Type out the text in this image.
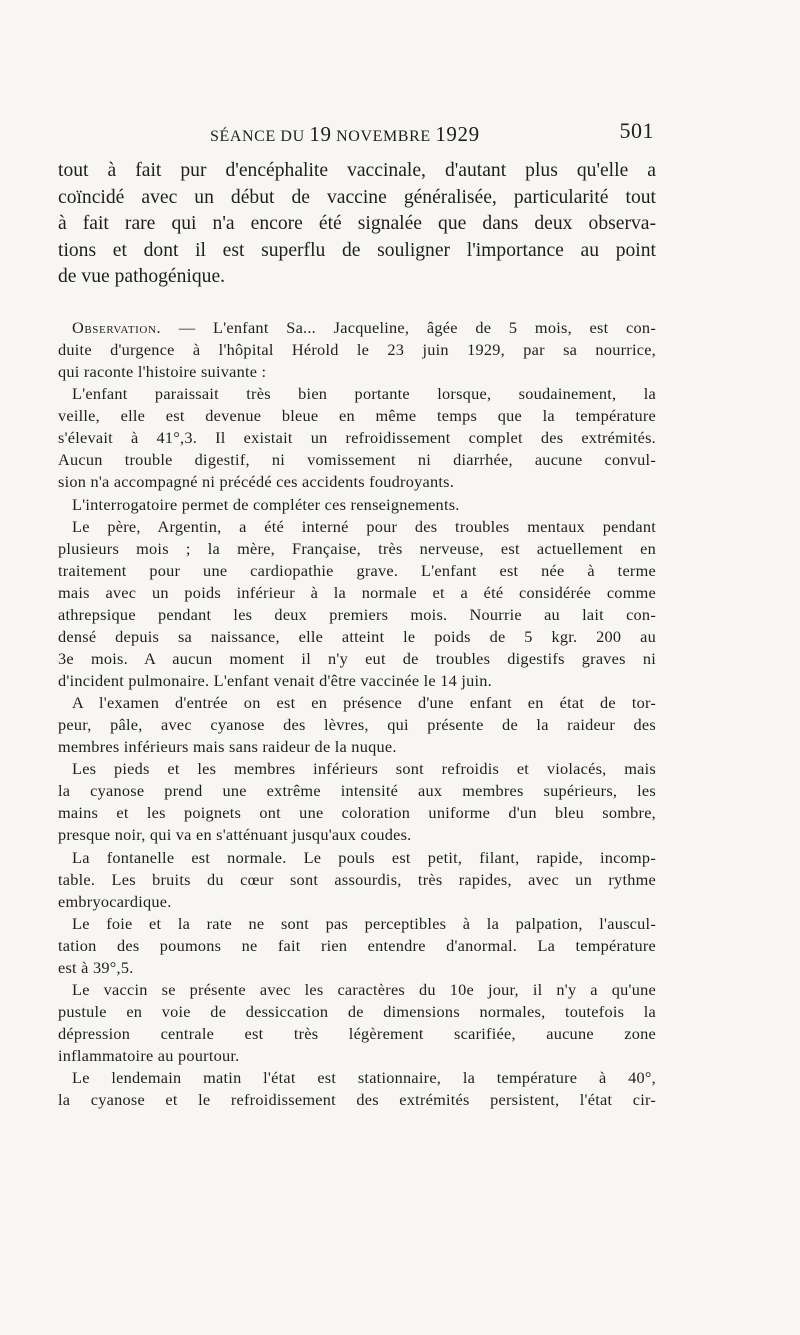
SÉANCE DU 19 NOVEMBRE 1929	501
tout à fait pur d'encéphalite vaccinale, d'autant plus qu'elle a
coïncidé avec un début de vaccine généralisée, particularité tout
à fait rare qui n'a encore été signalée que dans deux observa-
tions et dont il est superflu de souligner l'importance au point
de vue pathogénique.
Observation. — L'enfant Sa... Jacqueline, âgée de 5 mois, est con-
duite d'urgence à l'hôpital Hérold le 23 juin 1929, par sa nourrice,
qui raconte l'histoire suivante :
L'enfant paraissait très bien portante lorsque, soudainement, la
veille, elle est devenue bleue en même temps que la température
s'élevait à 41°,3. Il existait un refroidissement complet des extrémités.
Aucun trouble digestif, ni vomissement ni diarrhée, aucune convul-
sion n'a accompagné ni précédé ces accidents foudroyants.
L'interrogatoire permet de compléter ces renseignements.
Le père, Argentin, a été interné pour des troubles mentaux pendant
plusieurs mois ; la mère, Française, très nerveuse, est actuellement en
traitement pour une cardiopathie grave. L'enfant est née à terme
mais avec un poids inférieur à la normale et a été considérée comme
athrepsique pendant les deux premiers mois. Nourrie au lait con-
densé depuis sa naissance, elle atteint le poids de 5 kgr. 200 au
3e mois. A aucun moment il n'y eut de troubles digestifs graves ni
d'incident pulmonaire. L'enfant venait d'être vaccinée le 14 juin.
A l'examen d'entrée on est en présence d'une enfant en état de tor-
peur, pâle, avec cyanose des lèvres, qui présente de la raideur des
membres inférieurs mais sans raideur de la nuque.
Les pieds et les membres inférieurs sont refroidis et violacés, mais
la cyanose prend une extrême intensité aux membres supérieurs, les
mains et les poignets ont une coloration uniforme d'un bleu sombre,
presque noir, qui va en s'atténuant jusqu'aux coudes.
La fontanelle est normale. Le pouls est petit, filant, rapide, incomp-
table. Les bruits du cœur sont assourdis, très rapides, avec un rythme
embryocardique.
Le foie et la rate ne sont pas perceptibles à la palpation, l'auscul-
tation des poumons ne fait rien entendre d'anormal. La température
est à 39°,5.
Le vaccin se présente avec les caractères du 10e jour, il n'y a qu'une
pustule en voie de dessiccation de dimensions normales, toutefois la
dépression centrale est très légèrement scarifiée, aucune zone
inflammatoire au pourtour.
Le lendemain matin l'état est stationnaire, la température à 40°,
la cyanose et le refroidissement des extrémités persistent, l'état cir-
